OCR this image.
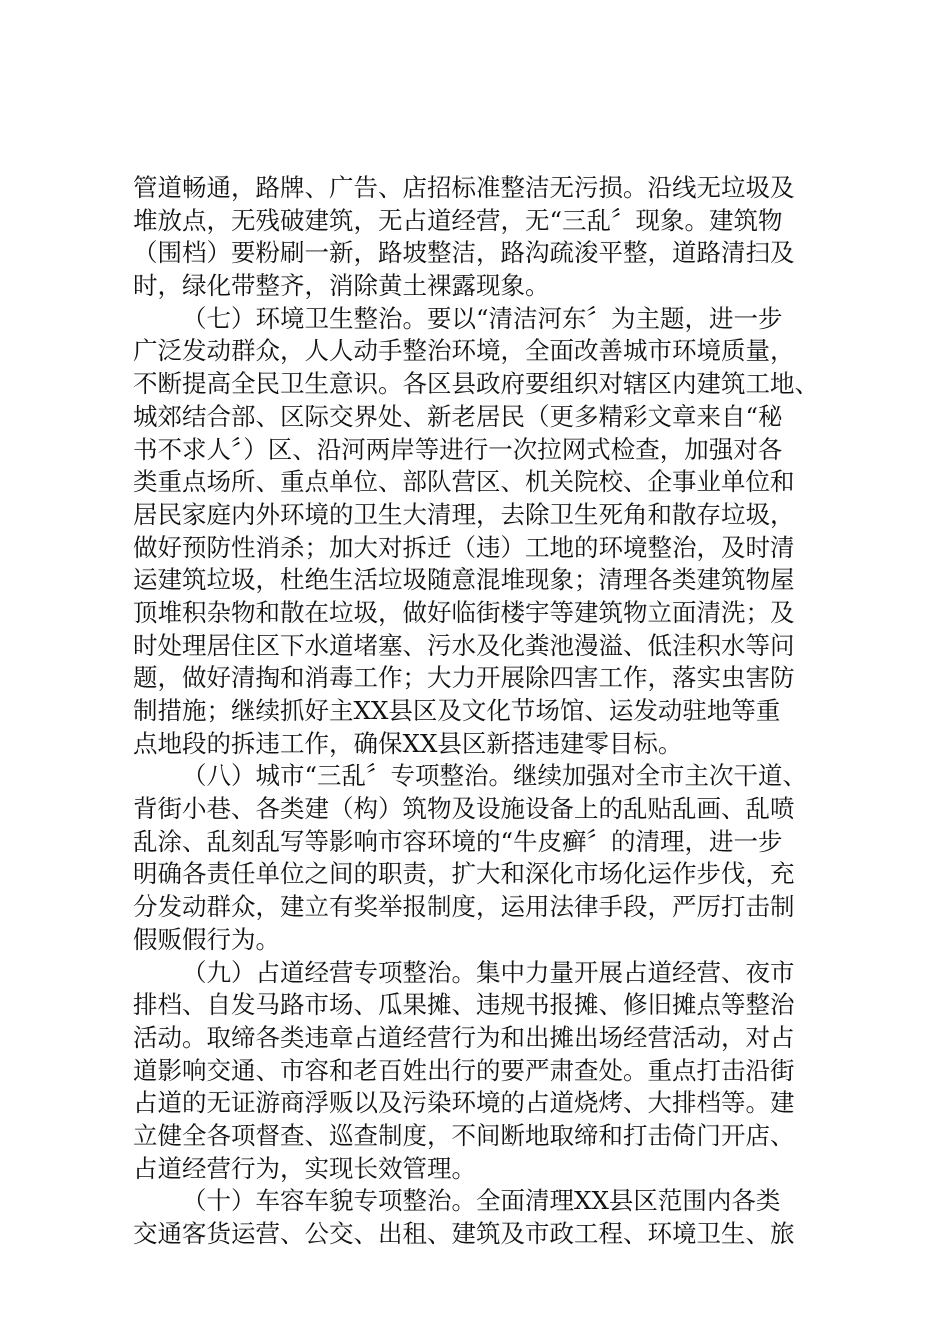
管道畅通，路牌、广告、店招标准整洁无污损。沿线无垃圾及
堆放点，无残破建筑，无占道经营，无“三乱〞现象。建筑物
（围档）要粉刷一新，路坡整洁，路沟疏浚平整，道路清扫及
时，绿化带整齐，消除黄土裸露现象。
（七）环境卫生整治。要以“清洁河东〞为主题，进一步
广泛发动群众，人人动手整治环境，全面改善城市环境质量，
不断提高全民卫生意识。各区县政府要组织对辖区内建筑工地、
城郊结合部、区际交界处、新老居民（更多精彩文章来自“秘
书不求人〞）区、沿河两岸等进行一次拉网式检查，加强对各
类重点场所、重点单位、部队营区、机关院校、企事业单位和
居民家庭内外环境的卫生大清理，去除卫生死角和散存垃圾，
做好预防性消杀；加大对拆迁（违）工地的环境整治，及时清
运建筑垃圾，杜绝生活垃圾随意混堆现象；清理各类建筑物屋
顶堆积杂物和散在垃圾，做好临街楼宇等建筑物立面清洗；及
时处理居住区下水道堵塞、污水及化粪池漫溢、低洼积水等问
题，做好清掏和消毒工作；大力开展除四害工作，落实虫害防
制措施；继续抓好主XX县区及文化节场馆、运发动驻地等重
点地段的拆违工作，确保XX县区新搭违建零目标。
（八）城市“三乱〞专项整治。继续加强对全市主次干道、
背街小巷、各类建（构）筑物及设施设备上的乱贴乱画、乱喷
乱涂、乱刻乱写等影响市容环境的“牛皮癣〞的清理，进一步
明确各责任单位之间的职责，扩大和深化市场化运作步伐，充
分发动群众，建立有奖举报制度，运用法律手段，严厉打击制
假贩假行为。
（九）占道经营专项整治。集中力量开展占道经营、夜市
排档、自发马路市场、瓜果摊、违规书报摊、修旧摊点等整治
活动。取缔各类违章占道经营行为和出摊出场经营活动，对占
道影响交通、市容和老百姓出行的要严肃查处。重点打击沿街
占道的无证游商浮贩以及污染环境的占道烧烤、大排档等。建
立健全各项督查、巡查制度，不间断地取缔和打击倚门开店、
占道经营行为，实现长效管理。
（十）车容车貌专项整治。全面清理XX县区范围内各类
交通客货运营、公交、出租、建筑及市政工程、环境卫生、旅
